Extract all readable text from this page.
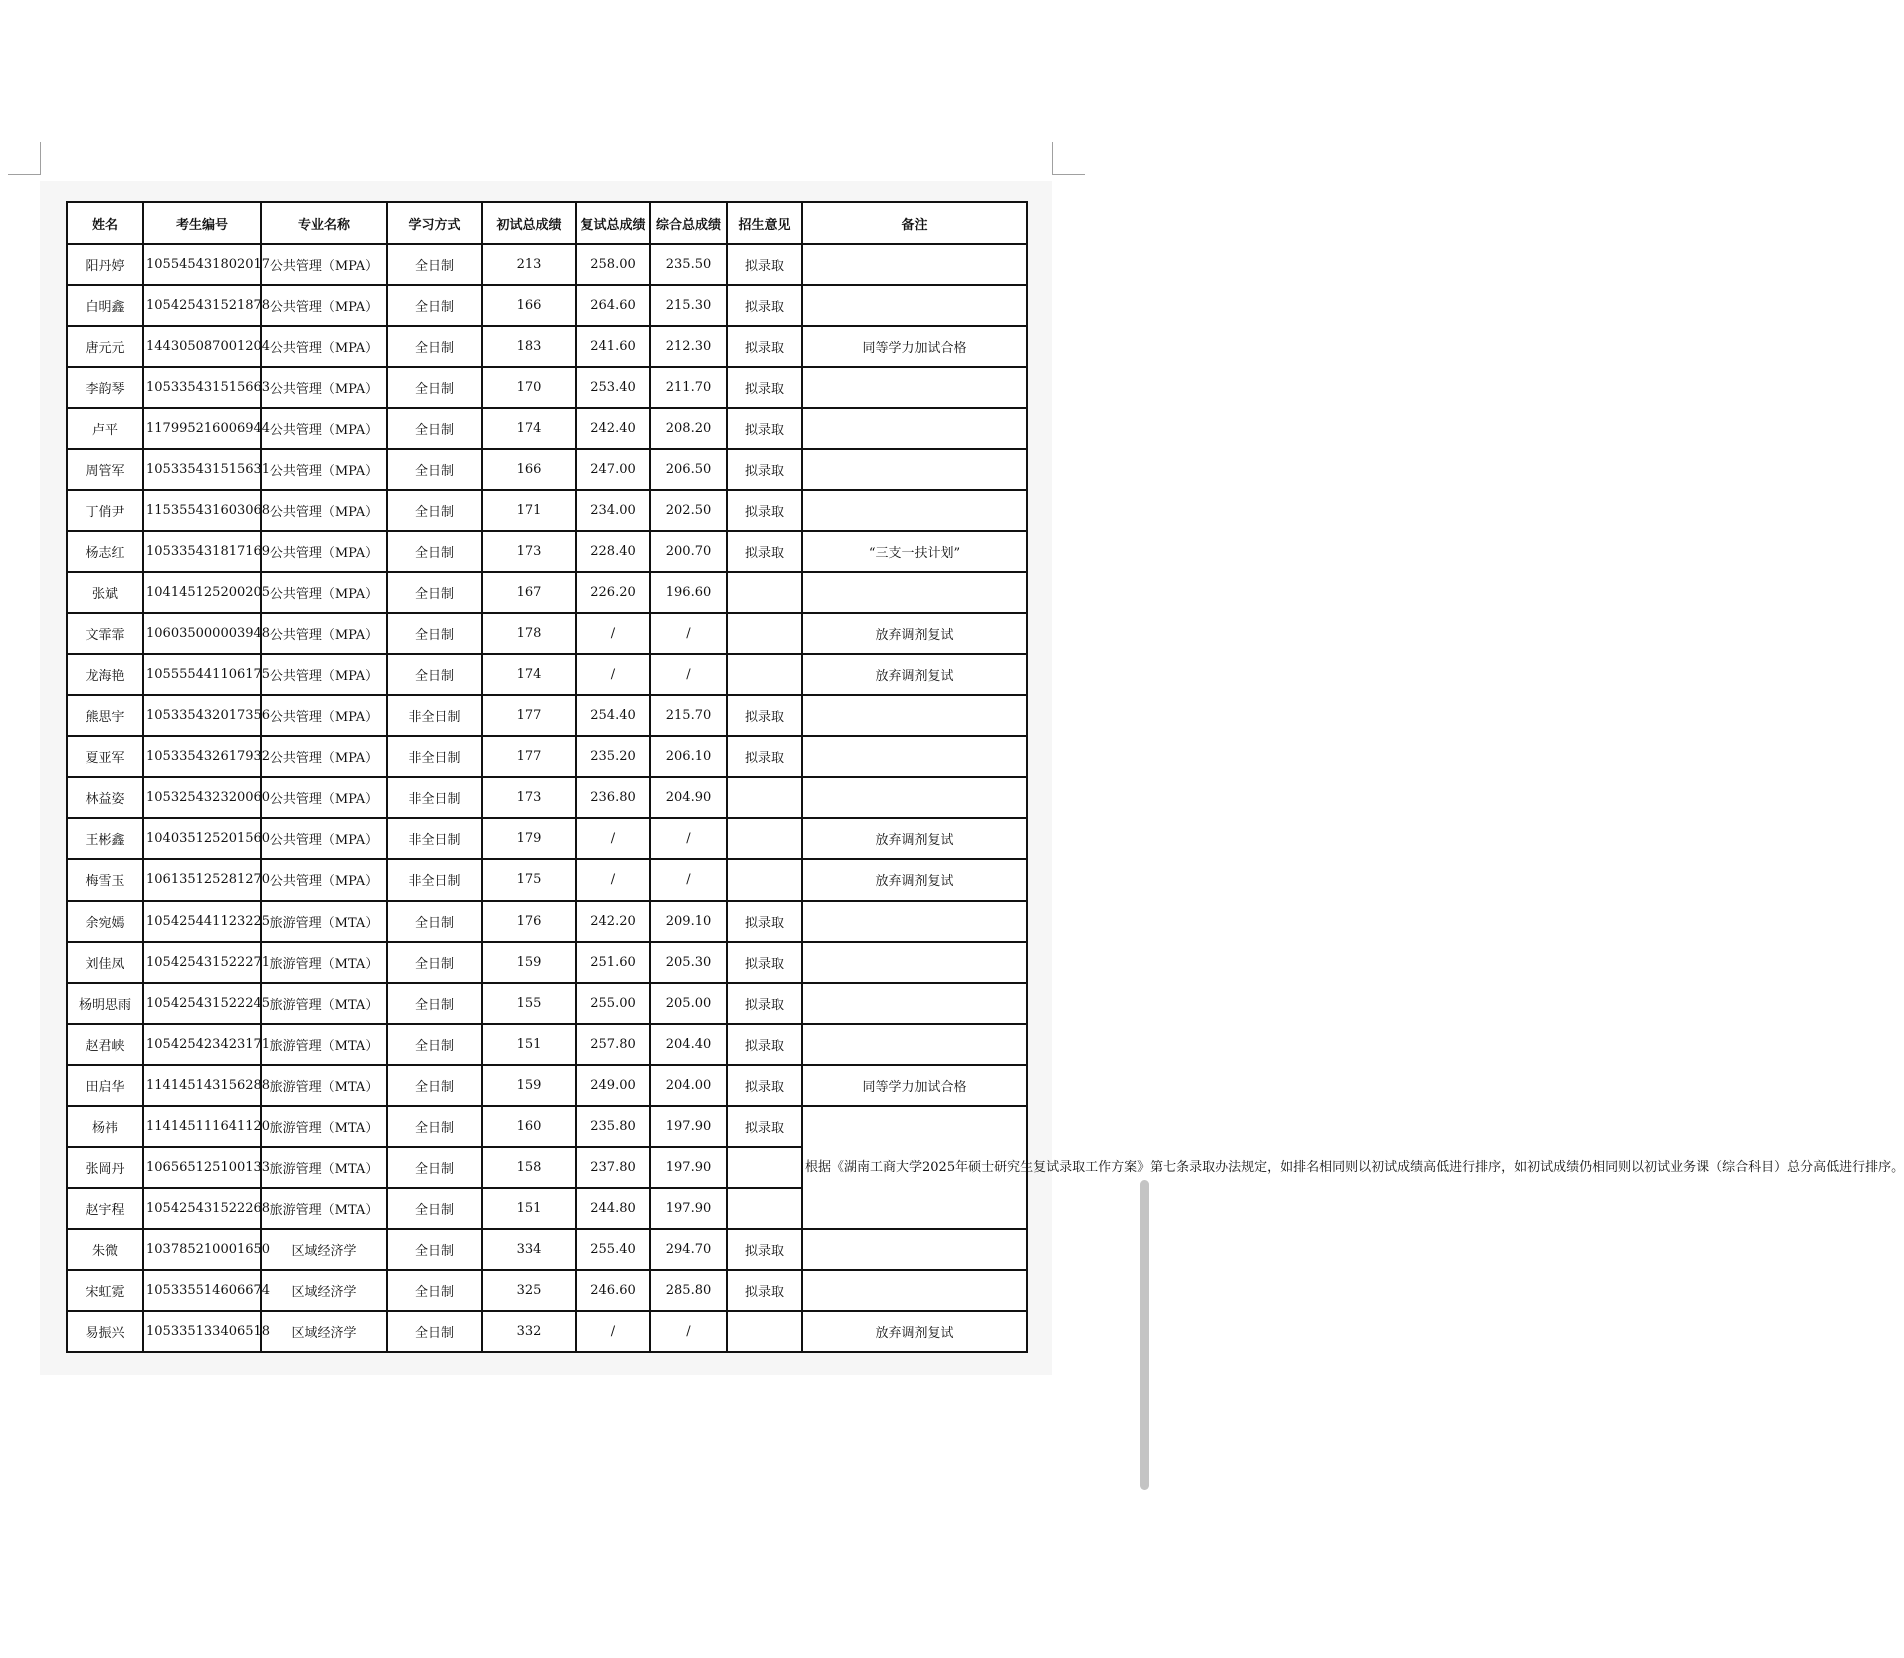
姓名	考生编号	专业名称	学习方式	初试总成绩	复试总成绩	综合总成绩	招生意见	备注
阳丹婷	105545431802017	公共管理（MPA）	全日制	213	258.00	235.50	拟录取	
白明鑫	105425431521878	公共管理（MPA）	全日制	166	264.60	215.30	拟录取	
唐元元	144305087001204	公共管理（MPA）	全日制	183	241.60	212.30	拟录取	同等学力加试合格
李韵琴	105335431515663	公共管理（MPA）	全日制	170	253.40	211.70	拟录取	
卢平	117995216006944	公共管理（MPA）	全日制	174	242.40	208.20	拟录取	
周管军	105335431515631	公共管理（MPA）	全日制	166	247.00	206.50	拟录取	
丁俏尹	115355431603068	公共管理（MPA）	全日制	171	234.00	202.50	拟录取	
杨志红	105335431817169	公共管理（MPA）	全日制	173	228.40	200.70	拟录取	“三支一扶计划”
张斌	104145125200205	公共管理（MPA）	全日制	167	226.20	196.60		
文霏霏	106035000003948	公共管理（MPA）	全日制	178	/	/		放弃调剂复试
龙海艳	105555441106175	公共管理（MPA）	全日制	174	/	/		放弃调剂复试
熊思宇	105335432017356	公共管理（MPA）	非全日制	177	254.40	215.70	拟录取	
夏亚军	105335432617932	公共管理（MPA）	非全日制	177	235.20	206.10	拟录取	
林益姿	105325432320060	公共管理（MPA）	非全日制	173	236.80	204.90		
王彬鑫	104035125201560	公共管理（MPA）	非全日制	179	/	/		放弃调剂复试
梅雪玉	106135125281270	公共管理（MPA）	非全日制	175	/	/		放弃调剂复试
余宛嫣	105425441123225	旅游管理（MTA）	全日制	176	242.20	209.10	拟录取	
刘佳凤	105425431522271	旅游管理（MTA）	全日制	159	251.60	205.30	拟录取	
杨明思雨	105425431522245	旅游管理（MTA）	全日制	155	255.00	205.00	拟录取	
赵君峡	105425423423171	旅游管理（MTA）	全日制	151	257.80	204.40	拟录取	
田启华	114145143156288	旅游管理（MTA）	全日制	159	249.00	204.00	拟录取	同等学力加试合格
杨祎	114145111641120	旅游管理（MTA）	全日制	160	235.80	197.90	拟录取	根据《湖南工商大学2025年硕士研究生复试录取工作方案》第七条录取办法规定，如排名相同则以初试成绩高低进行排序，如初试成绩仍相同则以初试业务课（综合科目）总分高低进行排序。
张岡丹	106565125100133	旅游管理（MTA）	全日制	158	237.80	197.90		
赵宇程	105425431522268	旅游管理（MTA）	全日制	151	244.80	197.90		
朱微	103785210001650	区域经济学	全日制	334	255.40	294.70	拟录取	
宋虹霓	105335514606674	区域经济学	全日制	325	246.60	285.80	拟录取	
易振兴	105335133406518	区域经济学	全日制	332	/	/		放弃调剂复试
